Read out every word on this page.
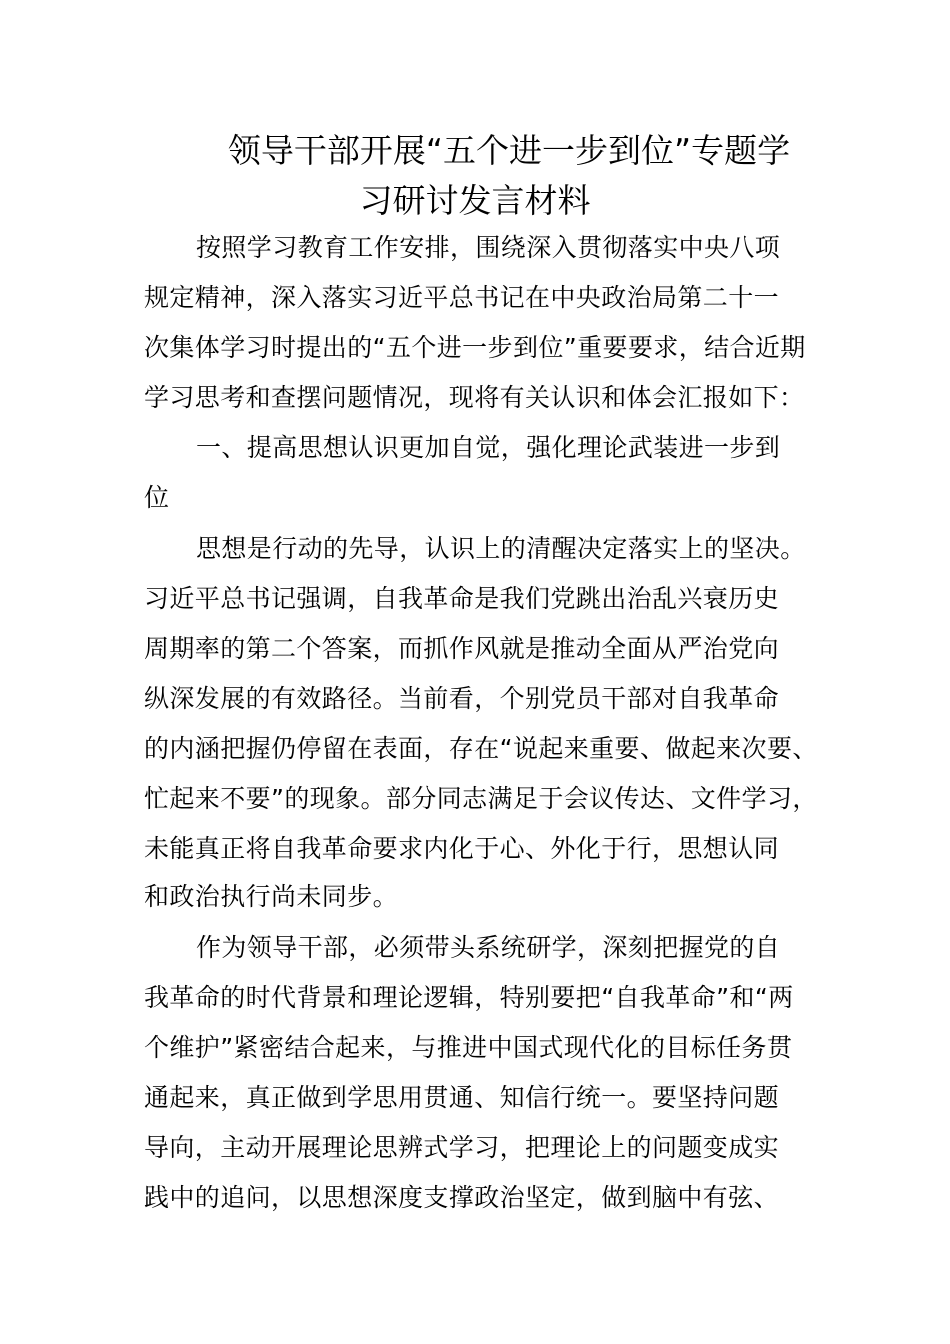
领导干部开展“五个进一步到位”专题学
习研讨发言材料
按照学习教育工作安排，围绕深入贯彻落实中央八项
规定精神，深入落实习近平总书记在中央政治局第二十一
次集体学习时提出的“五个进一步到位”重要要求，结合近期
学习思考和查摆问题情况，现将有关认识和体会汇报如下：
一、提高思想认识更加自觉，强化理论武装进一步到
位
思想是行动的先导，认识上的清醒决定落实上的坚决。
习近平总书记强调，自我革命是我们党跳出治乱兴衰历史
周期率的第二个答案，而抓作风就是推动全面从严治党向
纵深发展的有效路径。当前看，个别党员干部对自我革命
的内涵把握仍停留在表面，存在“说起来重要、做起来次要、
忙起来不要”的现象。部分同志满足于会议传达、文件学习，
未能真正将自我革命要求内化于心、外化于行，思想认同
和政治执行尚未同步。
作为领导干部，必须带头系统研学，深刻把握党的自
我革命的时代背景和理论逻辑，特别要把“自我革命”和“两
个维护”紧密结合起来，与推进中国式现代化的目标任务贯
通起来，真正做到学思用贯通、知信行统一。要坚持问题
导向，主动开展理论思辨式学习，把理论上的问题变成实
践中的追问，以思想深度支撑政治坚定，做到脑中有弦、
